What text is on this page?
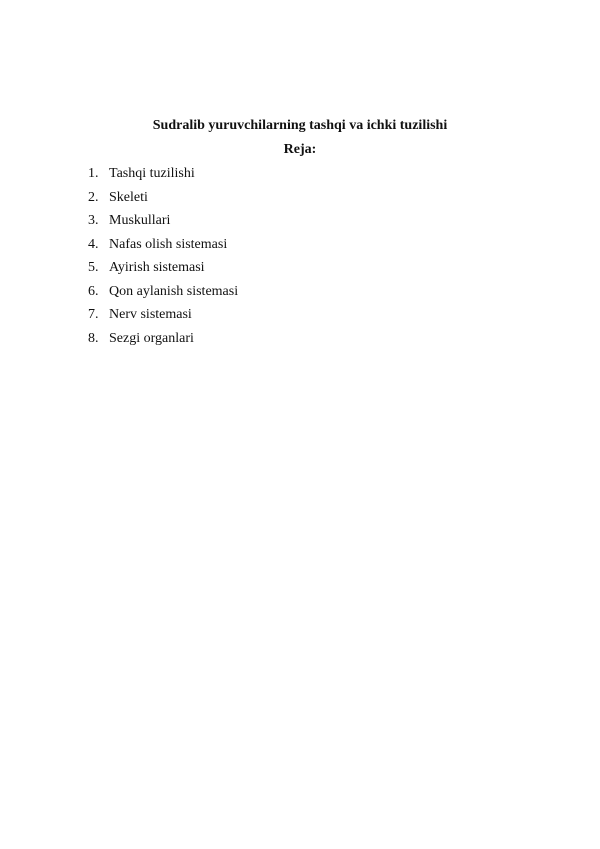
Sudralib yuruvchilarning tashqi va ichki tuzilishi
Reja:
1. Tashqi tuzilishi
2. Skeleti
3. Muskullari
4. Nafas olish sistemasi
5. Ayirish sistemasi
6. Qon aylanish sistemasi
7. Nerv sistemasi
8. Sezgi organlari
